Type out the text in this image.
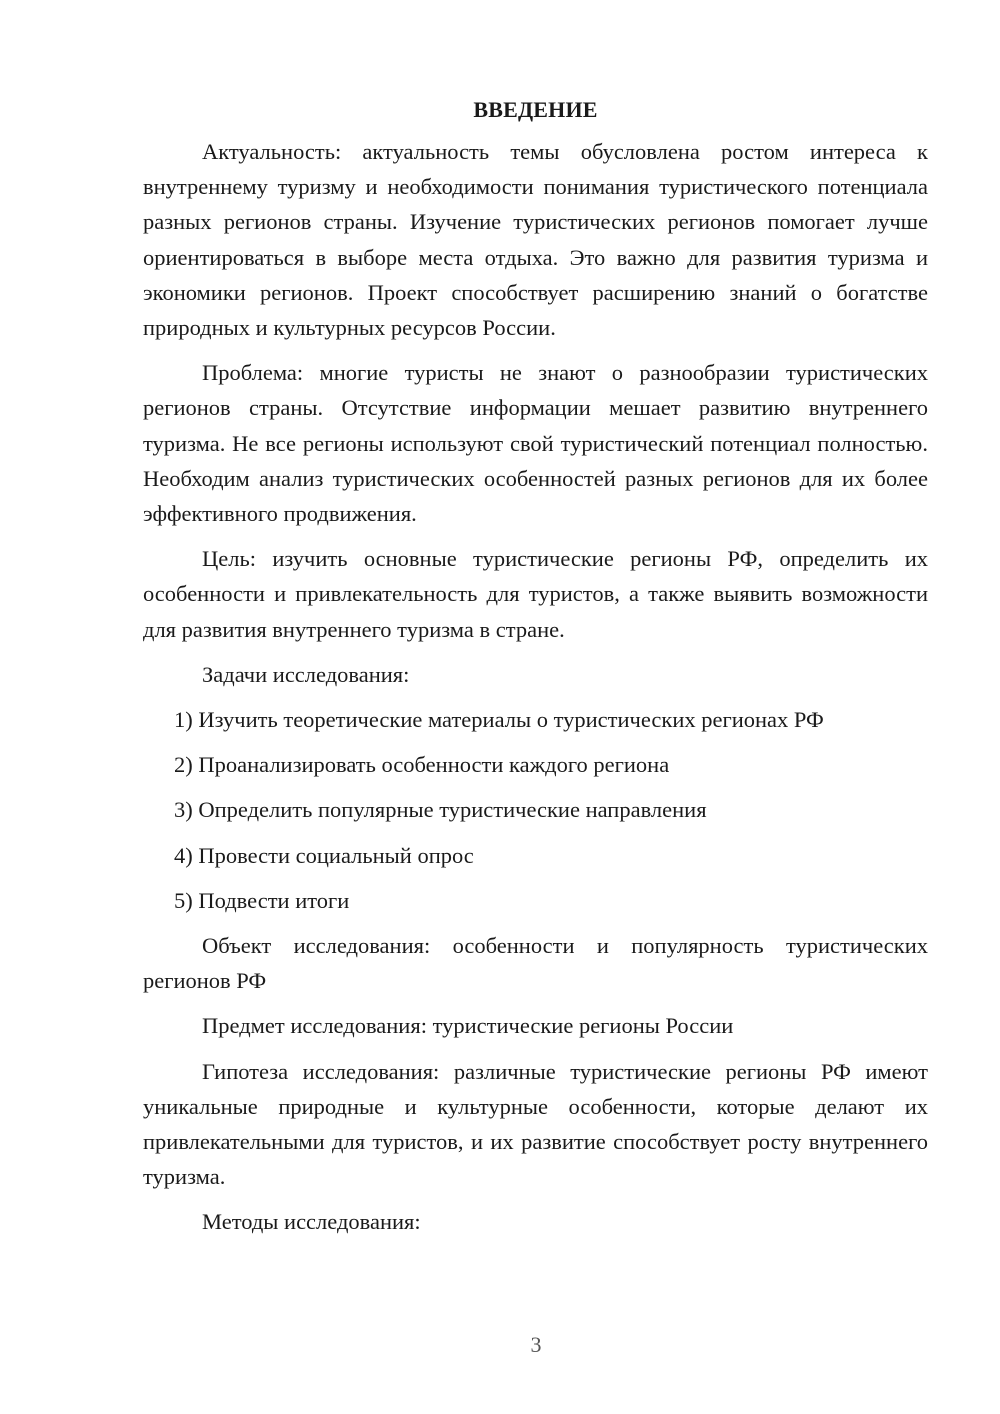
ВВЕДЕНИЕ

Актуальность: актуальность темы обусловлена ростом интереса к внутреннему туризму и необходимости понимания туристического потенциала разных регионов страны. Изучение туристических регионов помогает лучше ориентироваться в выборе места отдыха. Это важно для развития туризма и экономики регионов. Проект способствует расширению знаний о богатстве природных и культурных ресурсов России.

Проблема: многие туристы не знают о разнообразии туристических регионов страны. Отсутствие информации мешает развитию внутреннего туризма. Не все регионы используют свой туристический потенциал полностью. Необходим анализ туристических особенностей разных регионов для их более эффективного продвижения.

Цель: изучить основные туристические регионы РФ, определить их особенности и привлекательность для туристов, а также выявить возможности для развития внутреннего туризма в стране.

Задачи исследования:

1) Изучить теоретические материалы о туристических регионах РФ
2) Проанализировать особенности каждого региона
3) Определить популярные туристические направления
4) Провести социальный опрос
5) Подвести итоги

Объект исследования: особенности и популярность туристических регионов РФ

Предмет исследования: туристические регионы России

Гипотеза исследования: различные туристические регионы РФ имеют уникальные природные и культурные особенности, которые делают их привлекательными для туристов, и их развитие способствует росту внутреннего туризма.

Методы исследования:

3
